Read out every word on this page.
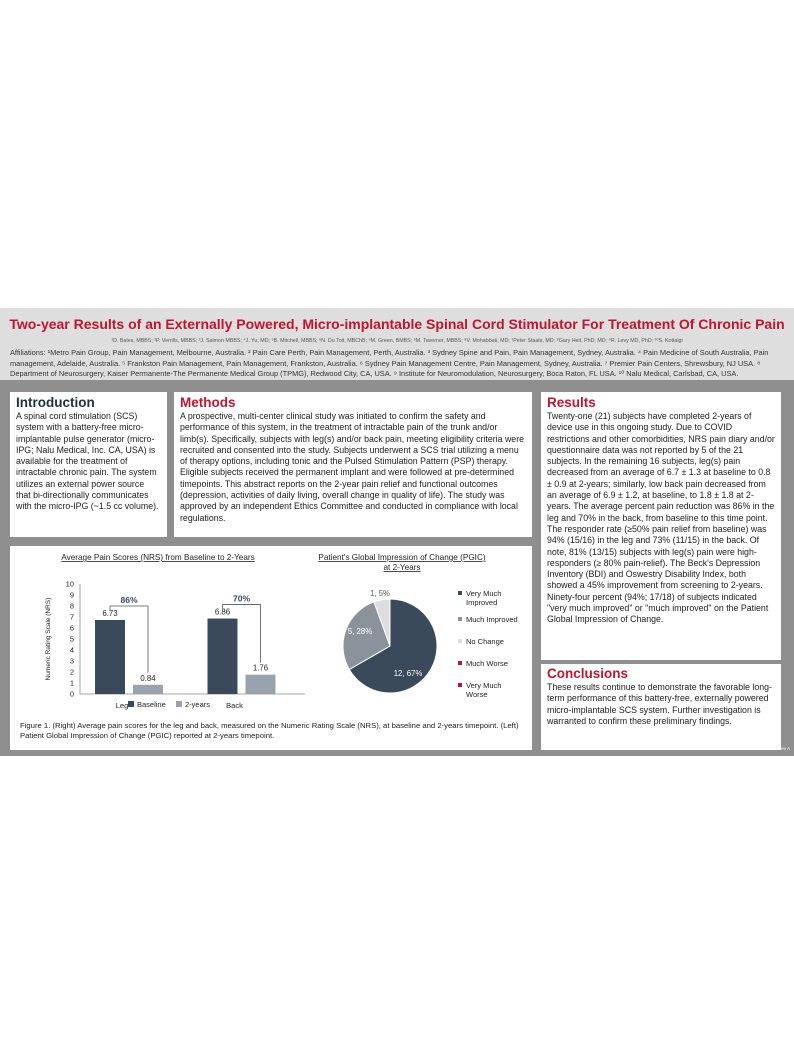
Two-year Results of an Externally Powered, Micro-implantable Spinal Cord Stimulator For Treatment Of Chronic Pain
¹D. Bates, MBBS; ²P. Verrills, MBBS; ³J. Salmon MBBS; ⁴J. Yu, MD; ⁵B. Mitchell, MBBS; ⁶N. Du Toit, MBChB; ⁶M. Green, BMBS; ⁶M. Taverner, MBBS; ⁸V. Mohabbati, MD; ⁷Peter Staats, MD; ⁸Gary Heit, PhD, MD; ⁹R. Levy MD, PhD; ¹⁰S. Kottalgi
Affiliations: ¹Metro Pain Group, Pain Management, Melbourne, Australia. ² Pain Care Perth, Pain Management, Perth, Australia. ³ Sydney Spine and Pain, Pain Management, Sydney, Australia. ⁴ Pain Medicine of South Australia, Pain management, Adelaide, Australia. ⁵ Frankston Pain Management, Pain Management, Frankston, Australia. ⁶ Sydney Pain Management Centre, Pain Management, Sydney, Australia. ⁷ Premier Pain Centers, Shrewsbury, NJ USA. ⁸ Department of Neurosurgery, Kaiser Permanente-The Permanente Medical Group (TPMG), Redwood City, CA, USA. ⁹ Institute for Neuromodulation, Neurosurgery, Boca Raton, FL USA. ¹⁰ Nalu Medical, Carlsbad, CA, USA.
Introduction

A spinal cord stimulation (SCS) system with a battery-free micro-implantable pulse generator (micro-IPG; Nalu Medical, Inc. CA, USA) is available for the treatment of intractable chronic pain. The system utilizes an external power source that bi-directionally communicates with the micro-IPG (~1.5 cc volume).

Methods

A prospective, multi-center clinical study was initiated to confirm the safety and performance of this system, in the treatment of intractable pain of the trunk and/or limb(s). Specifically, subjects with leg(s) and/or back pain, meeting eligibility criteria were recruited and consented into the study. Subjects underwent a SCS trial utilizing a menu of therapy options, including tonic and the Pulsed Stimulation Pattern (PSP) therapy. Eligible subjects received the permanent implant and were followed at pre-determined timepoints. This abstract reports on the 2-year pain relief and functional outcomes (depression, activities of daily living, overall change in quality of life). The study was approved by an independent Ethics Committee and conducted in compliance with local regulations.

Results

Twenty-one (21) subjects have completed 2-years of device use in this ongoing study. Due to COVID restrictions and other comorbidities, NRS pain diary and/or questionnaire data was not reported by 5 of the 21 subjects. In the remaining 16 subjects, leg(s) pain decreased from an average of 6.7 ± 1.3 at baseline to 0.8 ± 0.9 at 2-years; similarly, low back pain decreased from an average of 6.9 ± 1.2, at baseline, to 1.8 ± 1.8 at 2-years. The average percent pain reduction was 86% in the leg and 70% in the back, from baseline to this time point. The responder rate (≥50% pain relief from baseline) was 94% (15/16) in the leg and 73% (11/15) in the back. Of note, 81% (13/15) subjects with leg(s) pain were high-responders (≥ 80% pain-relief). The Beck's Depression Inventory (BDI) and Oswestry Disability Index, both showed a 45% improvement from screening to 2-years. Ninety-four percent (94%; 17/18) of subjects indicated "very much improved" or "much improved" on the Patient Global Impression of Change.

Conclusions

These results continue to demonstrate the favorable long-term performance of this battery-free, externally powered micro-implantable SCS system. Further investigation is warranted to confirm these preliminary findings.

Average Pain Scores (NRS) from Baseline to 2-Years
0
1
2
3
4
5
6
7
8
9
10
Numeric Rating Scale (NRS)	6.73
0.84
86%
Leg
6.86
1.76
70%
Back
Baseline	2-years
Patient's Global Impression of Change (PGIC) at 2-Years
12, 67%
5, 28%
1, 5%	Very Much Improved
Much Improved
No Change
Much Worse
Very Much Worse

Figure 1. (Right) Average pain scores for the leg and back, measured on the Numeric Rating Scale (NRS), at baseline and 2-years timepoint. (Left) Patient Global Impression of Change (PGIC) reported at 2-years timepoint.

MKT-000005 Rev A
